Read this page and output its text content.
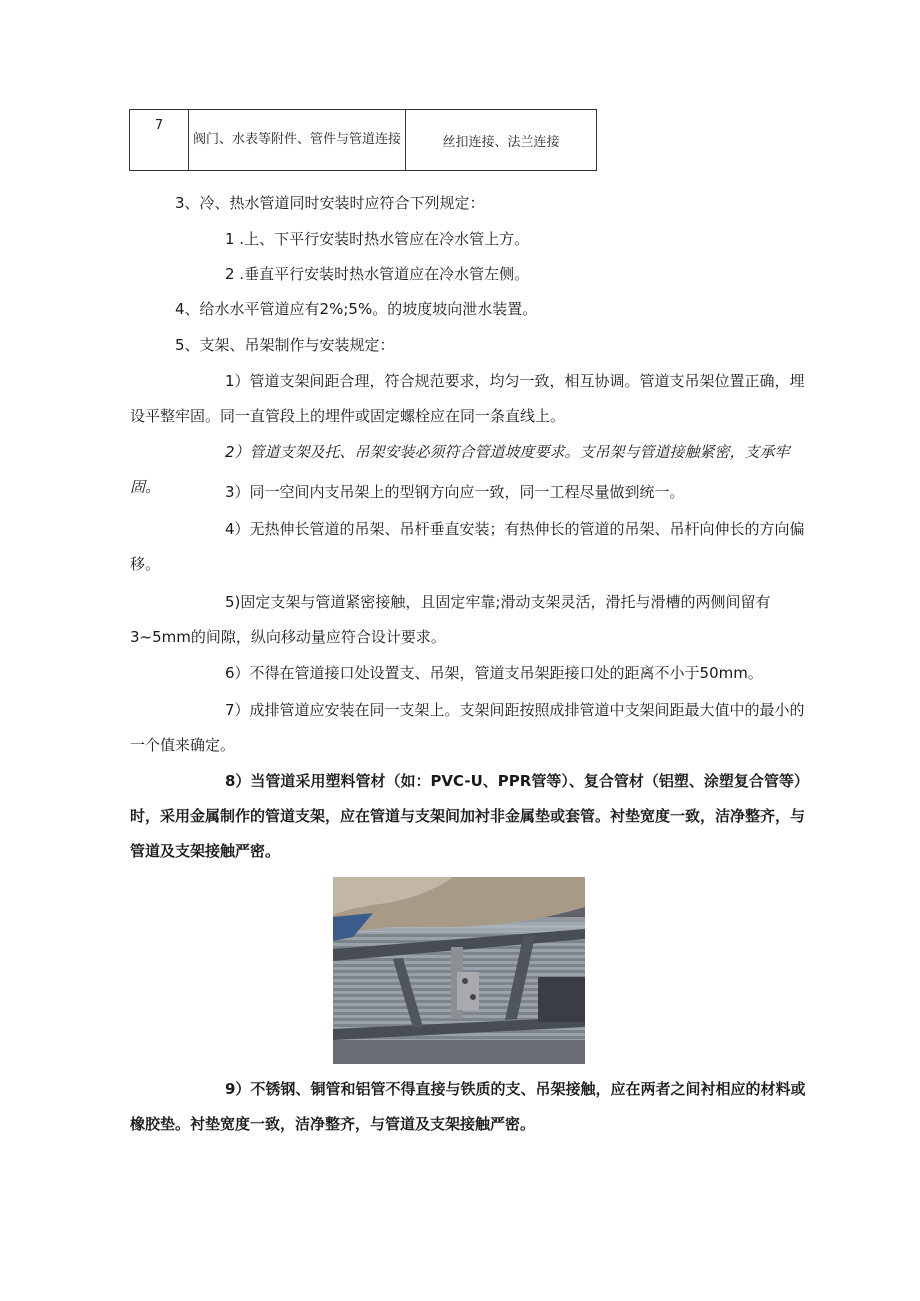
7	阀门、水表等附件、管件与管道连接	丝扣连接、法兰连接

3、冷、热水管道同时安装时应符合下列规定：

1 .上、下平行安装时热水管应在冷水管上方。

2 .垂直平行安装时热水管道应在冷水管左侧。

4、给水水平管道应有2%;5%。的坡度坡向泄水装置。

5、支架、吊架制作与安装规定：

1）管道支架间距合理，符合规范要求，均匀一致，相互协调。管道支吊架位置正确，埋设平整牢固。同一直管段上的埋件或固定螺栓应在同一条直线上。

2）管道支架及托、吊架安装必须符合管道坡度要求。支吊架与管道接触紧密，支承牢固。	3）同一空间内支吊架上的型钢方向应一致，同一工程尽量做到统一。

4）无热伸长管道的吊架、吊杆垂直安装；有热伸长的管道的吊架、吊杆向伸长的方向偏移。

5)固定支架与管道紧密接触，且固定牢靠;滑动支架灵活，滑托与滑槽的两侧间留有3~5mm的间隙，纵向移动量应符合设计要求。

6）不得在管道接口处设置支、吊架，管道支吊架距接口处的距离不小于50mm。

7）成排管道应安装在同一支架上。支架间距按照成排管道中支架间距最大值中的最小的一个值来确定。

8）当管道采用塑料管材（如：PVC-U、PPR管等）、复合管材（铝塑、涂塑复合管等）时，采用金属制作的管道支架，应在管道与支架间加衬非金属垫或套管。衬垫宽度一致，洁净整齐，与管道及支架接触严密。

9）不锈钢、铜管和铝管不得直接与铁质的支、吊架接触，应在两者之间衬相应的材料或橡胶垫。衬垫宽度一致，洁净整齐，与管道及支架接触严密。
